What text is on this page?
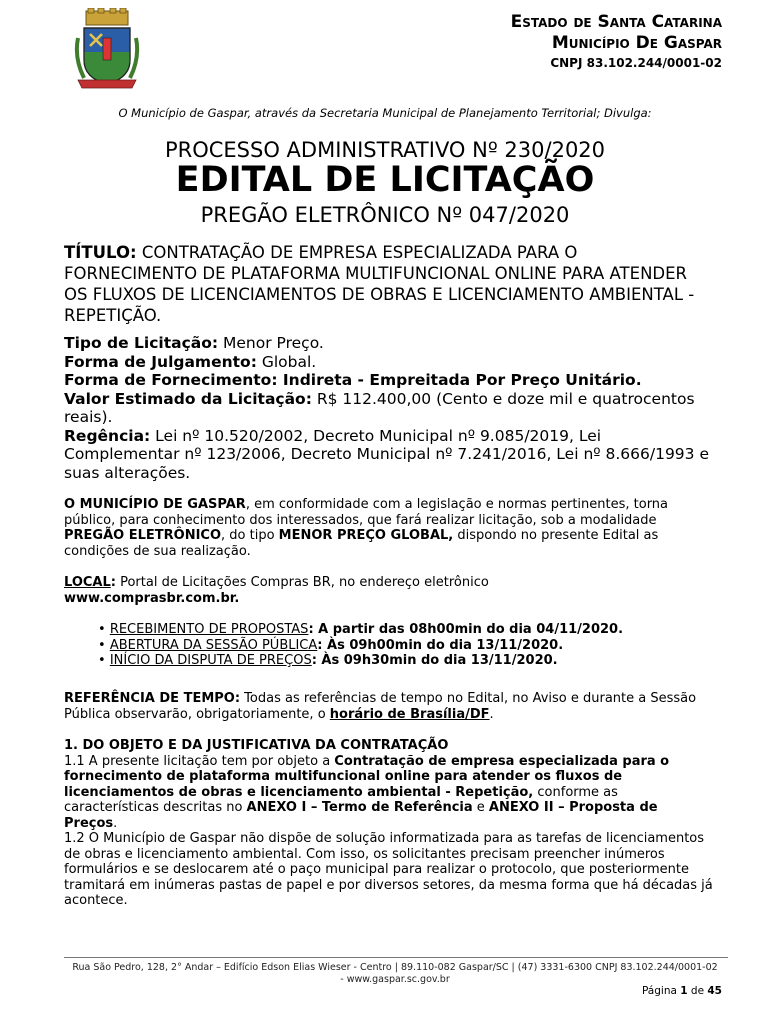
Estado de Santa Catarina
Município De Gaspar
CNPJ 83.102.244/0001-02
O Município de Gaspar, através da Secretaria Municipal de Planejamento Territorial; Divulga:
PROCESSO ADMINISTRATIVO Nº 230/2020
EDITAL DE LICITAÇÃO
PREGÃO ELETRÔNICO Nº 047/2020
TÍTULO: CONTRATAÇÃO DE EMPRESA ESPECIALIZADA PARA O FORNECIMENTO DE PLATAFORMA MULTIFUNCIONAL ONLINE PARA ATENDER OS FLUXOS DE LICENCIAMENTOS DE OBRAS E LICENCIAMENTO AMBIENTAL - REPETIÇÃO.

Tipo de Licitação: Menor Preço.

Forma de Julgamento: Global.

Forma de Fornecimento: Indireta - Empreitada Por Preço Unitário.

Valor Estimado da Licitação: R$ 112.400,00 (Cento e doze mil e quatrocentos reais).

Regência: Lei nº 10.520/2002, Decreto Municipal nº 9.085/2019, Lei Complementar nº 123/2006, Decreto Municipal nº 7.241/2016, Lei nº 8.666/1993 e suas alterações.

O MUNICÍPIO DE GASPAR, em conformidade com a legislação e normas pertinentes, torna público, para conhecimento dos interessados, que fará realizar licitação, sob a modalidade PREGÃO ELETRÔNICO, do tipo MENOR PREÇO GLOBAL, dispondo no presente Edital as condições de sua realização.

LOCAL: Portal de Licitações Compras BR, no endereço eletrônico

www.comprasbr.com.br.

• RECEBIMENTO DE PROPOSTAS: A partir das 08h00min do dia 04/11/2020.
• ABERTURA DA SESSÃO PÚBLICA: Às 09h00min do dia 13/11/2020.
• INÍCIO DA DISPUTA DE PREÇOS: Às 09h30min do dia 13/11/2020.
REFERÊNCIA DE TEMPO: Todas as referências de tempo no Edital, no Aviso e durante a Sessão Pública observarão, obrigatoriamente, o horário de Brasília/DF.

1. DO OBJETO E DA JUSTIFICATIVA DA CONTRATAÇÃO

1.1 A presente licitação tem por objeto a Contratação de empresa especializada para o fornecimento de plataforma multifuncional online para atender os fluxos de licenciamentos de obras e licenciamento ambiental - Repetição, conforme as características descritas no ANEXO I – Termo de Referência e ANEXO II – Proposta de Preços.

1.2 O Município de Gaspar não dispõe de solução informatizada para as tarefas de licenciamentos de obras e licenciamento ambiental. Com isso, os solicitantes precisam preencher inúmeros formulários e se deslocarem até o paço municipal para realizar o protocolo, que posteriormente tramitará em inúmeras pastas de papel e por diversos setores, da mesma forma que há décadas já acontece.

Rua São Pedro, 128, 2° Andar – Edifício Edson Elias Wieser - Centro | 89.110-082 Gaspar/SC | (47) 3331-6300 CNPJ 83.102.244/0001-02 - www.gaspar.sc.gov.br
Página 1 de 45
